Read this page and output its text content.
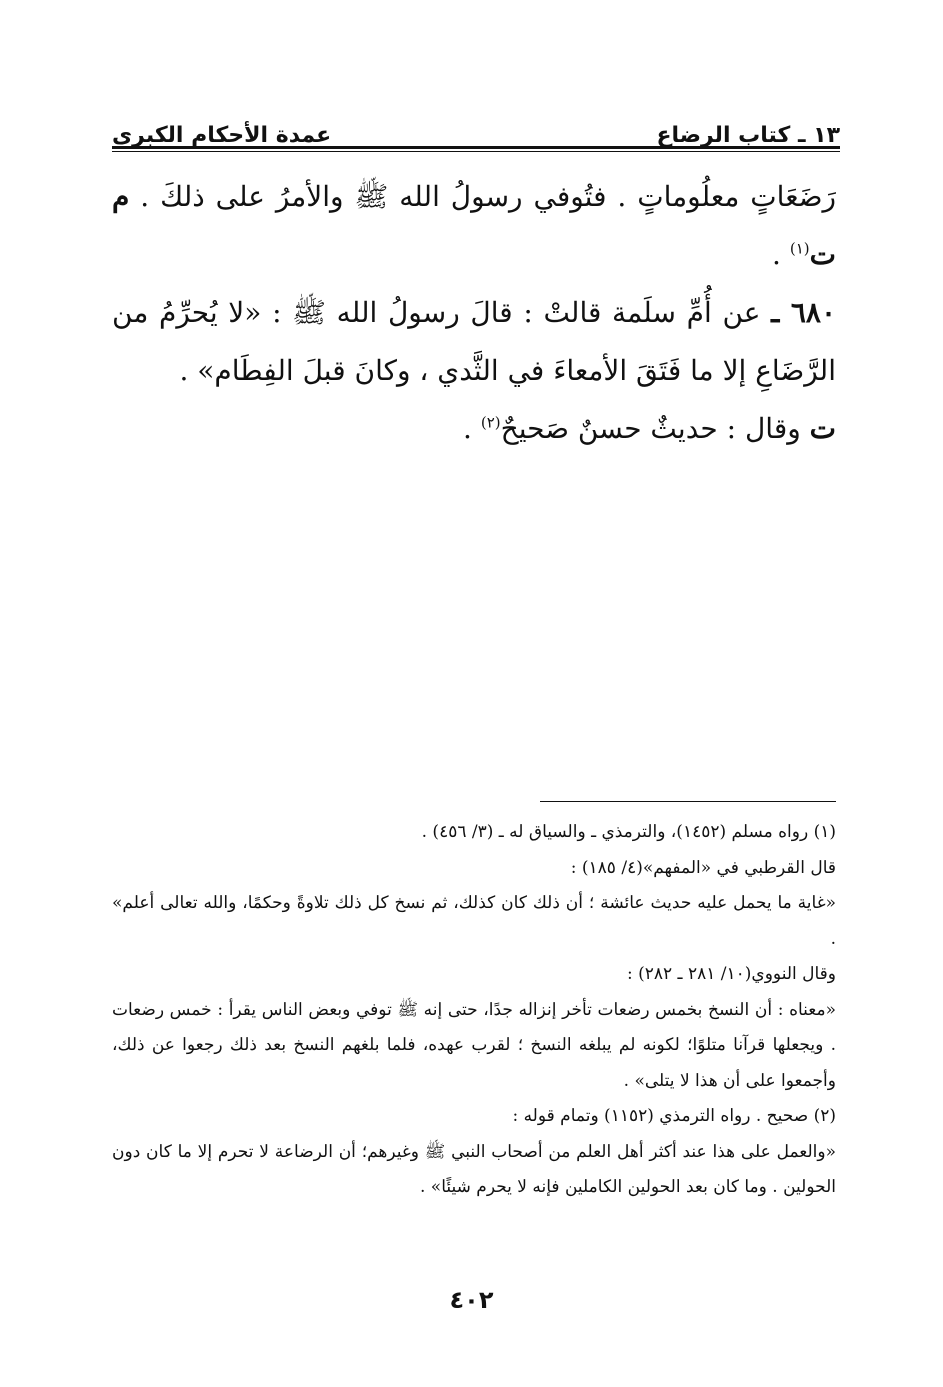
١٣ ـ كتاب الرضاع
عمدة الأحكام الكبرى

رَضَعَاتٍ معلُوماتٍ . فتُوفي رسولُ الله ﷺ والأمرُ على ذلكَ . م ت$^{(١)}$ .

٦٨٠ ـ عن أُمِّ سلَمة قالتْ : قالَ رسولُ الله ﷺ : «لا يُحرِّمُ من الرَّضَاعِ إلا ما فَتَقَ الأمعاءَ في الثَّدي ، وكانَ قبلَ الفِطَام» .

ت وقال : حديثٌ حسنٌ صَحيحٌ$^{(٢)}$ .

(١) رواه مسلم (١٤٥٢)، والترمذي ـ والسياق له ـ (٣/ ٤٥٦) .

قال القرطبي في «المفهم»(٤/ ١٨٥) :

«غاية ما يحمل عليه حديث عائشة ؛ أن ذلك كان كذلك، ثم نسخ كل ذلك تلاوةً وحكمًا، والله تعالى أعلم» .

وقال النووي(١٠/ ٢٨١ ـ ٢٨٢) :

«معناه : أن النسخ بخمس رضعات تأخر إنزاله جدًا، حتى إنه ﷺ توفي وبعض الناس يقرأ : خمس رضعات . ويجعلها قرآنا متلوًا؛ لكونه لم يبلغه النسخ ؛ لقرب عهده، فلما بلغهم النسخ بعد ذلك رجعوا عن ذلك، وأجمعوا على أن هذا لا يتلى» .

(٢) صحيح . رواه الترمذي (١١٥٢) وتمام قوله :

«والعمل على هذا عند أكثر أهل العلم من أصحاب النبي ﷺ وغيرهم؛ أن الرضاعة لا تحرم إلا ما كان دون الحولين . وما كان بعد الحولين الكاملين فإنه لا يحرم شيئًا» .

٤٠٢
